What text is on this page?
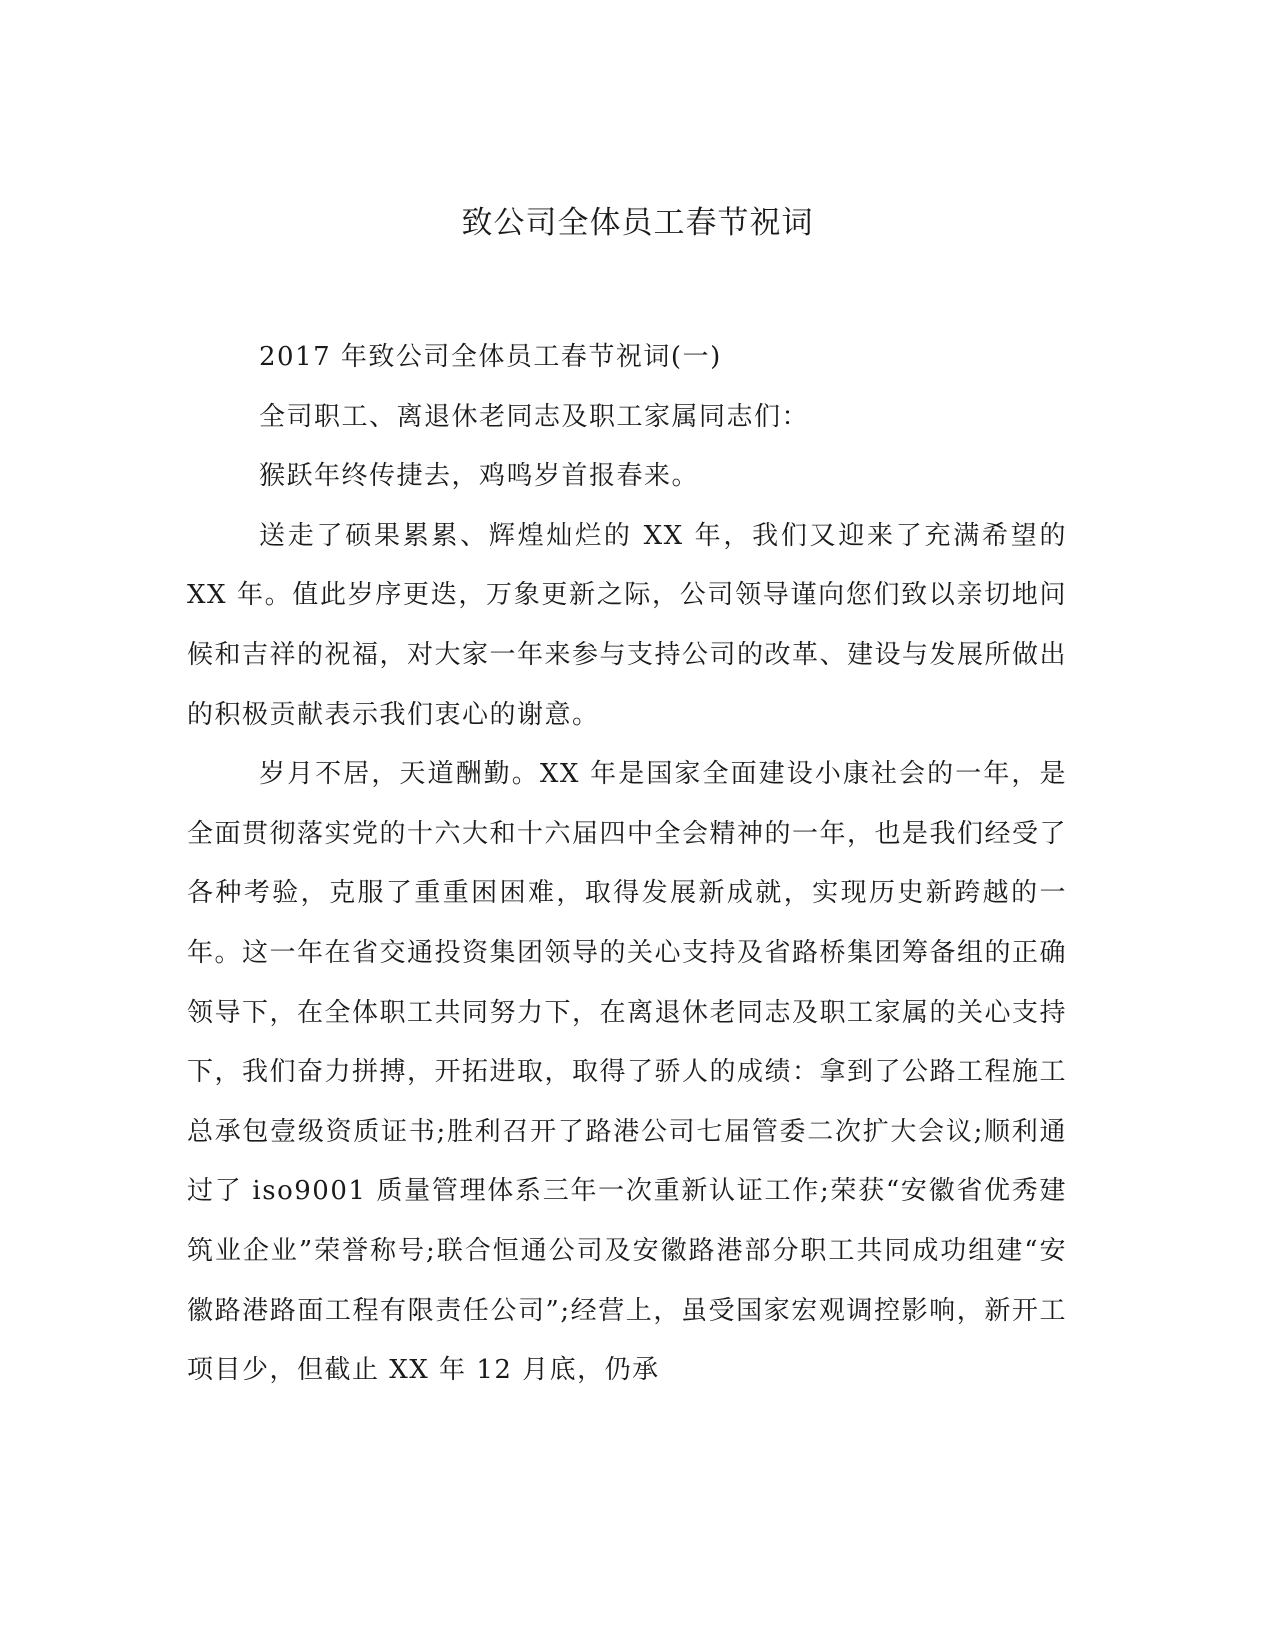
致公司全体员工春节祝词

2017 年致公司全体员工春节祝词(一)

全司职工、离退休老同志及职工家属同志们：

猴跃年终传捷去，鸡鸣岁首报春来。

送走了硕果累累、辉煌灿烂的 XX 年，我们又迎来了充满希望的 XX 年。值此岁序更迭，万象更新之际，公司领导谨向您们致以亲切地问候和吉祥的祝福，对大家一年来参与支持公司的改革、建设与发展所做出的积极贡献表示我们衷心的谢意。

岁月不居，天道酬勤。XX 年是国家全面建设小康社会的一年，是全面贯彻落实党的十六大和十六届四中全会精神的一年，也是我们经受了各种考验，克服了重重困困难，取得发展新成就，实现历史新跨越的一年。这一年在省交通投资集团领导的关心支持及省路桥集团筹备组的正确领导下，在全体职工共同努力下，在离退休老同志及职工家属的关心支持下，我们奋力拼搏，开拓进取，取得了骄人的成绩：拿到了公路工程施工总承包壹级资质证书;胜利召开了路港公司七届管委二次扩大会议;顺利通过了 iso9001 质量管理体系三年一次重新认证工作;荣获“安徽省优秀建筑业企业”荣誉称号;联合恒通公司及安徽路港部分职工共同成功组建“安徽路港路面工程有限责任公司”;经营上，虽受国家宏观调控影响，新开工项目少，但截止 XX 年 12 月底，仍承
